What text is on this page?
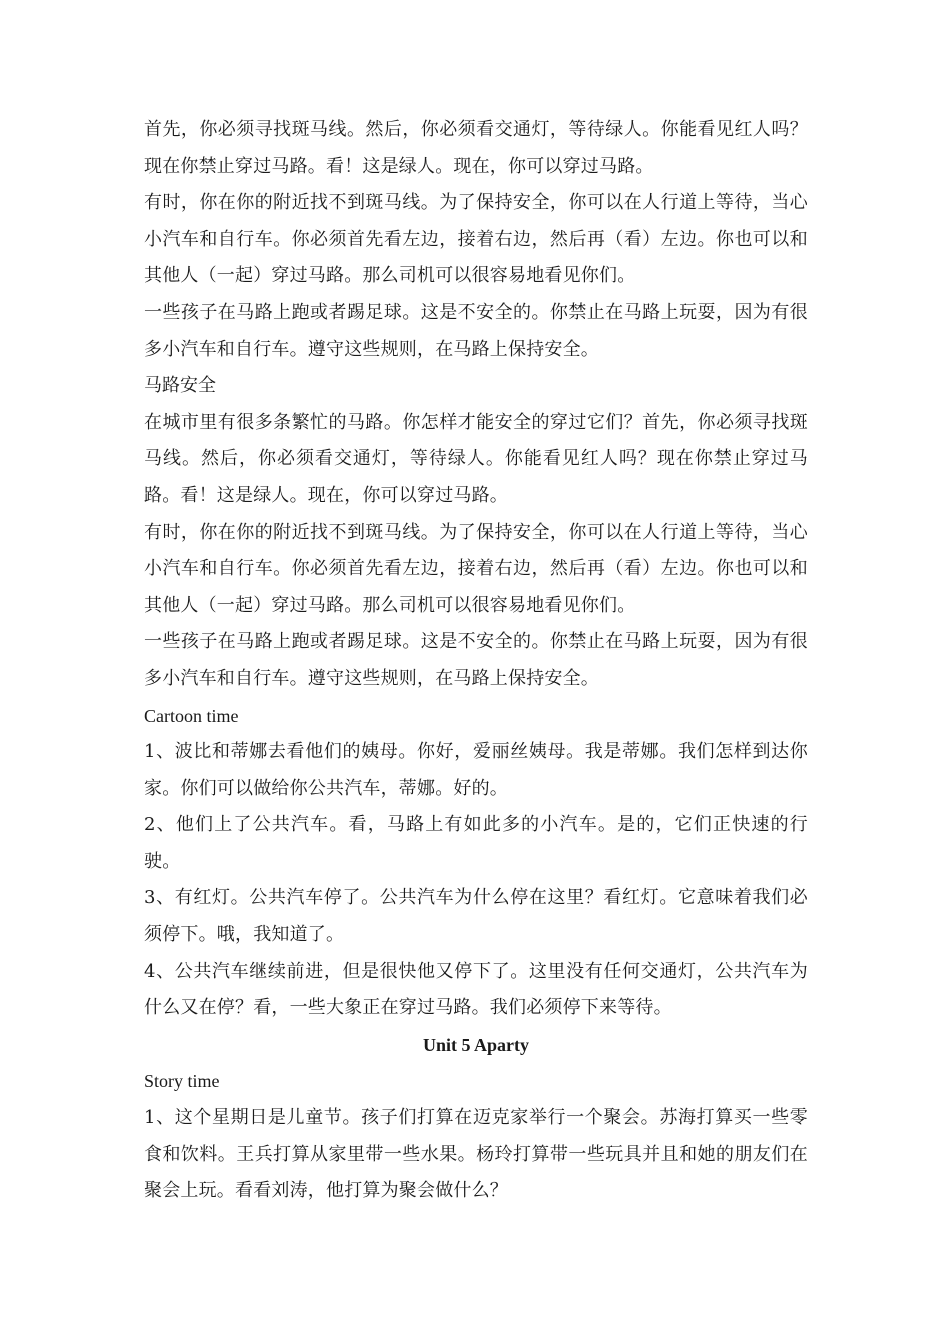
首先，你必须寻找斑马线。然后，你必须看交通灯，等待绿人。你能看见红人吗？现在你禁止穿过马路。看！这是绿人。现在，你可以穿过马路。

有时，你在你的附近找不到斑马线。为了保持安全，你可以在人行道上等待，当心小汽车和自行车。你必须首先看左边，接着右边，然后再（看）左边。你也可以和其他人（一起）穿过马路。那么司机可以很容易地看见你们。

一些孩子在马路上跑或者踢足球。这是不安全的。你禁止在马路上玩耍，因为有很多小汽车和自行车。遵守这些规则，在马路上保持安全。

马路安全

在城市里有很多条繁忙的马路。你怎样才能安全的穿过它们？首先，你必须寻找斑马线。然后，你必须看交通灯，等待绿人。你能看见红人吗？现在你禁止穿过马路。看！这是绿人。现在，你可以穿过马路。

有时，你在你的附近找不到斑马线。为了保持安全，你可以在人行道上等待，当心小汽车和自行车。你必须首先看左边，接着右边，然后再（看）左边。你也可以和其他人（一起）穿过马路。那么司机可以很容易地看见你们。

一些孩子在马路上跑或者踢足球。这是不安全的。你禁止在马路上玩耍，因为有很多小汽车和自行车。遵守这些规则，在马路上保持安全。

Cartoon time

1、波比和蒂娜去看他们的姨母。你好，爱丽丝姨母。我是蒂娜。我们怎样到达你家。你们可以做给你公共汽车，蒂娜。好的。

2、他们上了公共汽车。看，马路上有如此多的小汽车。是的，它们正快速的行驶。

3、有红灯。公共汽车停了。公共汽车为什么停在这里？看红灯。它意味着我们必须停下。哦，我知道了。

4、公共汽车继续前进，但是很快他又停下了。这里没有任何交通灯，公共汽车为什么又在停？看，一些大象正在穿过马路。我们必须停下来等待。

Unit 5 Aparty

Story time

1、这个星期日是儿童节。孩子们打算在迈克家举行一个聚会。苏海打算买一些零食和饮料。王兵打算从家里带一些水果。杨玲打算带一些玩具并且和她的朋友们在聚会上玩。看看刘涛，他打算为聚会做什么？
